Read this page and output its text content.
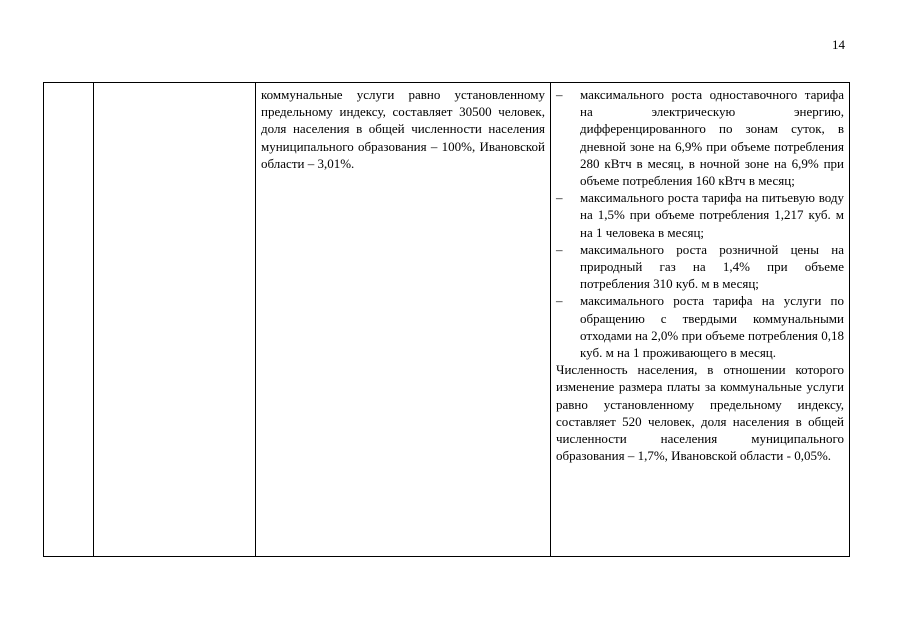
14

коммунальные услуги равно установленному предельному индексу, составляет 30500 человек, доля населения в общей численности населения муниципального образования – 100%, Ивановской области – 3,01%.

– максимального роста одноставочного тарифа на электрическую энергию, дифференцированного по зонам суток, в дневной зоне на 6,9% при объеме потребления 280 кВтч в месяц, в ночной зоне на 6,9% при объеме потребления 160 кВтч в месяц;
– максимального роста тарифа на питьевую воду на 1,5% при объеме потребления 1,217 куб. м на 1 человека в месяц;
– максимального роста розничной цены на природный газ на 1,4% при объеме потребления 310 куб. м в месяц;
– максимального роста тарифа на услуги по обращению с твердыми коммунальными отходами на 2,0% при объеме потребления 0,18 куб. м на 1 проживающего в месяц.

Численность населения, в отношении которого изменение размера платы за коммунальные услуги равно установленному предельному индексу, составляет 520 человек, доля населения в общей численности населения муниципального образования – 1,7%, Ивановской области - 0,05%.
